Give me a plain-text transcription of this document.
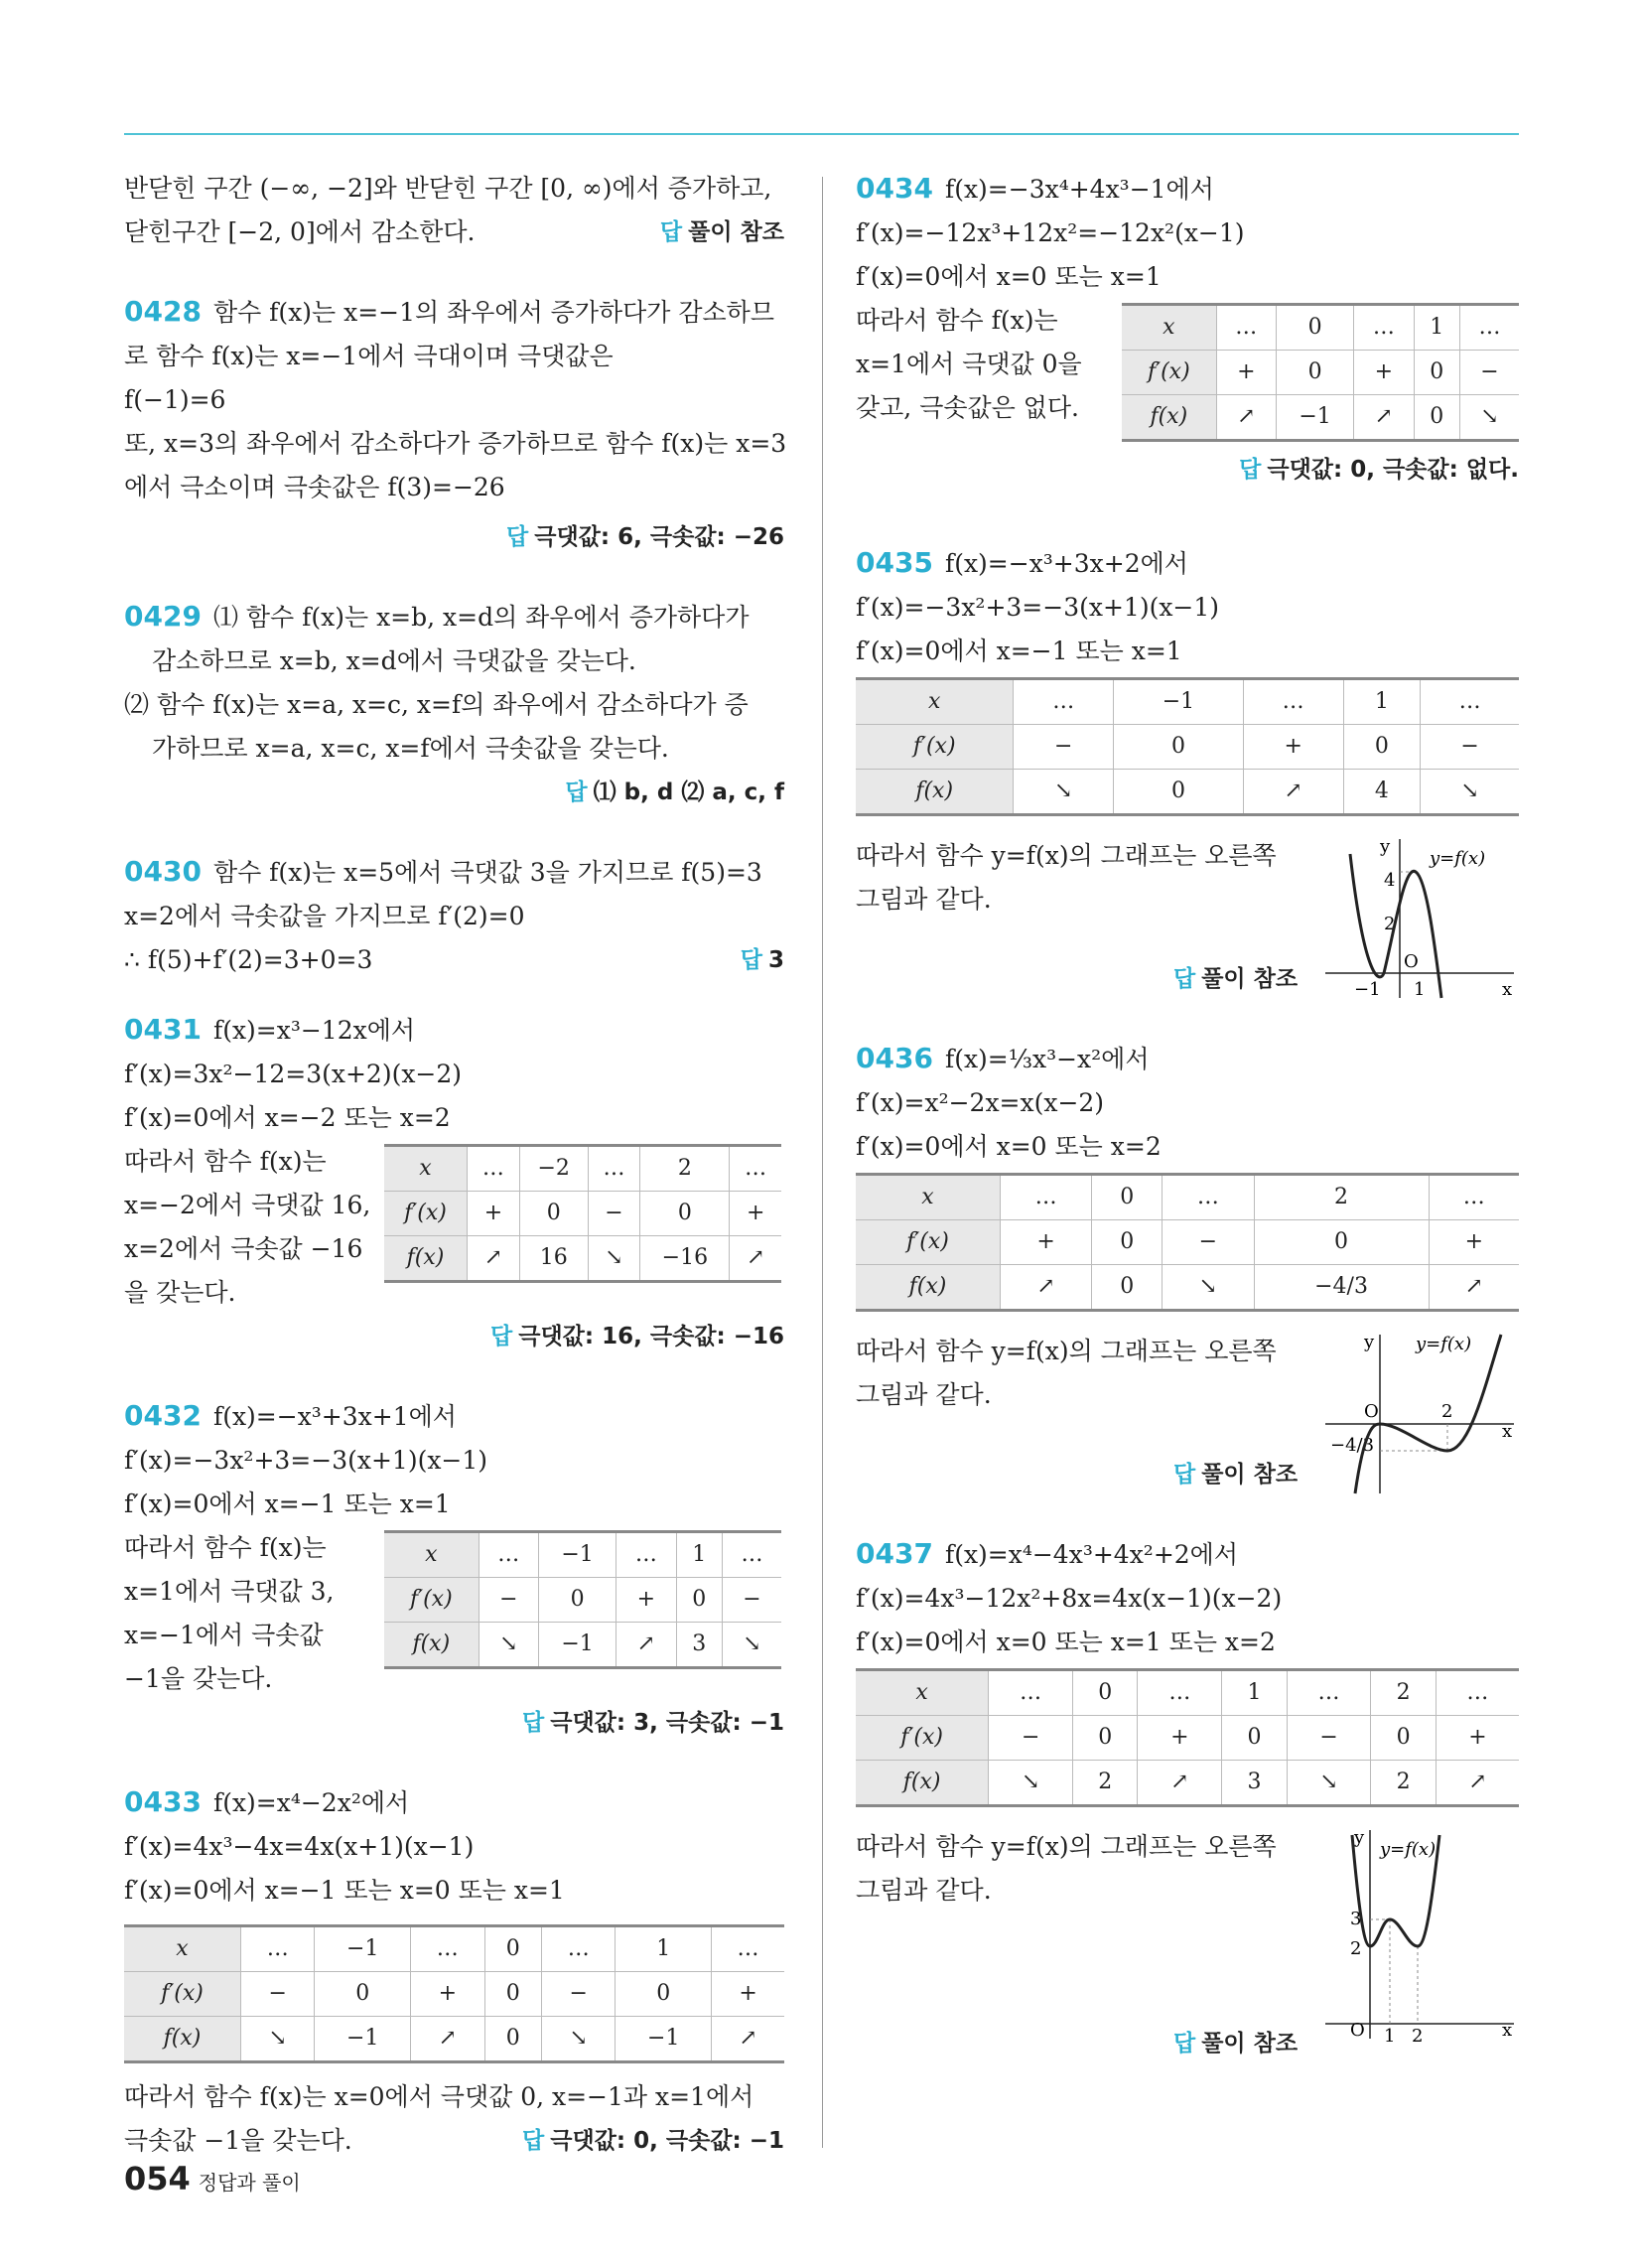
반닫힌 구간 (−∞, −2]와 반닫힌 구간 [0, ∞)에서 증가하고,
닫힌구간 [−2, 0]에서 감소한다.	답 풀이 참조
0428 함수 f(x)는 x=−1의 좌우에서 증가하다가 감소하므
로 함수 f(x)는 x=−1에서 극대이며 극댓값은
f(−1)=6
또, x=3의 좌우에서 감소하다가 증가하므로 함수 f(x)는 x=3
에서 극소이며 극솟값은 f(3)=−26
답 극댓값: 6, 극솟값: −26
0429 ⑴ 함수 f(x)는 x=b, x=d의 좌우에서 증가하다가
감소하므로 x=b, x=d에서 극댓값을 갖는다.
⑵ 함수 f(x)는 x=a, x=c, x=f의 좌우에서 감소하다가 증
가하므로 x=a, x=c, x=f에서 극솟값을 갖는다.
답 ⑴ b, d ⑵ a, c, f
0430 함수 f(x)는 x=5에서 극댓값 3을 가지므로 f(5)=3
x=2에서 극솟값을 가지므로 f′(2)=0
∴ f(5)+f′(2)=3+0=3	답 3
0431 f(x)=x³−12x에서
f′(x)=3x²−12=3(x+2)(x−2)
f′(x)=0에서 x=−2 또는 x=2
따라서 함수 f(x)는
x=−2에서 극댓값 16,
x=2에서 극솟값 −16
을 갖는다.
x	…	−2	…	2	…
f′(x)	+	0	−	0	+
f(x)	↗	16	↘	−16	↗
답 극댓값: 16, 극솟값: −16
0432 f(x)=−x³+3x+1에서
f′(x)=−3x²+3=−3(x+1)(x−1)
f′(x)=0에서 x=−1 또는 x=1
따라서 함수 f(x)는
x=1에서 극댓값 3,
x=−1에서 극솟값
−1을 갖는다.
x	…	−1	…	1	…
f′(x)	−	0	+	0	−
f(x)	↘	−1	↗	3	↘
답 극댓값: 3, 극솟값: −1
0433 f(x)=x⁴−2x²에서
f′(x)=4x³−4x=4x(x+1)(x−1)
f′(x)=0에서 x=−1 또는 x=0 또는 x=1
x	…	−1	…	0	…	1	…
f′(x)	−	0	+	0	−	0	+
f(x)	↘	−1	↗	0	↘	−1	↗
따라서 함수 f(x)는 x=0에서 극댓값 0, x=−1과 x=1에서
극솟값 −1을 갖는다.	답 극댓값: 0, 극솟값: −1
0434 f(x)=−3x⁴+4x³−1에서
f′(x)=−12x³+12x²=−12x²(x−1)
f′(x)=0에서 x=0 또는 x=1
따라서 함수 f(x)는
x=1에서 극댓값 0을
갖고, 극솟값은 없다.
x	…	0	…	1	…
f′(x)	+	0	+	0	−
f(x)	↗	−1	↗	0	↘
답 극댓값: 0, 극솟값: 없다.
0435 f(x)=−x³+3x+2에서
f′(x)=−3x²+3=−3(x+1)(x−1)
f′(x)=0에서 x=−1 또는 x=1
x	…	−1	…	1	…
f′(x)	−	0	+	0	−
f(x)	↘	0	↗	4	↘
따라서 함수 y=f(x)의 그래프는 오른쪽
그림과 같다.
답 풀이 참조
y
x
4
2
O
−1 1
y=f(x)
0436 f(x)=⅓x³−x²에서
f′(x)=x²−2x=x(x−2)
f′(x)=0에서 x=0 또는 x=2
x	…	0	…	2	…
f′(x)	+	0	−	0	+
f(x)	↗	0	↘	−4/3	↗
따라서 함수 y=f(x)의 그래프는 오른쪽
그림과 같다.
답 풀이 참조
y
x
O	2
−4/3
y=f(x)
0437 f(x)=x⁴−4x³+4x²+2에서
f′(x)=4x³−12x²+8x=4x(x−1)(x−2)
f′(x)=0에서 x=0 또는 x=1 또는 x=2
x	…	0	…	1	…	2	…
f′(x)	−	0	+	0	−	0	+
f(x)	↘	2	↗	3	↘	2	↗
따라서 함수 y=f(x)의 그래프는 오른쪽
그림과 같다.
답 풀이 참조
y
x
O 1 2
3
2
y=f(x)
054 정답과 풀이
